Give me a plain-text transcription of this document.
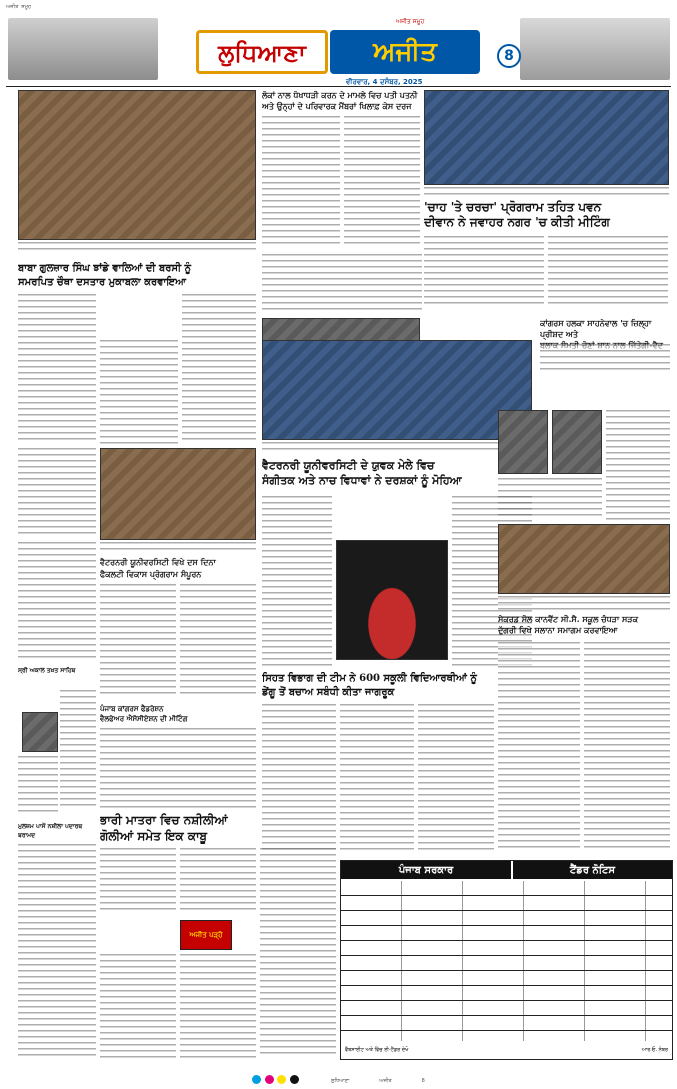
ਅਜੀਤ ਸਮੂਹ
ਲੁਧਿਆਣਾ	ਅਜੀਤ
ਅਜੀਤ ਸਮੂਹ
ਵੀਰਵਾਰ, 4 ਦਸੰਬਰ, 2025
8
ਲੋਕਾਂ ਨਾਲ ਧੋਖਾਧੜੀ ਕਰਨ ਦੇ ਮਾਮਲੇ ਵਿਚ ਪਤੀ ਪਤਨੀ
ਅਤੇ ਉਨ੍ਹਾਂ ਦੇ ਪਰਿਵਾਰਕ ਮੈਂਬਰਾਂ ਖਿਲਾਫ਼ ਕੇਸ ਦਰਜ
'ਚਾਹ 'ਤੇ ਚਰਚਾ' ਪ੍ਰੋਗਰਾਮ ਤਹਿਤ ਪਵਨ
ਦੀਵਾਨ ਨੇ ਜਵਾਹਰ ਨਗਰ 'ਚ ਕੀਤੀ ਮੀਟਿੰਗ
ਬਾਬਾ ਗੁਲਜ਼ਾਰ ਸਿੰਘ ਝਾਂਡੇ ਵਾਲਿਆਂ ਦੀ ਬਰਸੀ ਨੂੰ
ਸਮਰਪਿਤ ਚੌਥਾ ਦਸਤਾਰ ਮੁਕਾਬਲਾ ਕਰਵਾਇਆ
ਵੈਟਰਨਰੀ ਯੂਨੀਵਰਸਿਟੀ ਦੇ ਯੁਵਕ ਮੇਲੇ ਵਿਚ
ਸੰਗੀਤਕ ਅਤੇ ਨਾਚ ਵਿਧਾਵਾਂ ਨੇ ਦਰਸ਼ਕਾਂ ਨੂੰ ਮੋਹਿਆ
ਵੈਟਰਨਰੀ ਯੂਨੀਵਰਸਿਟੀ ਵਿਖੇ ਦਸ ਦਿਨਾ
ਫੈਕਲਟੀ ਵਿਕਾਸ ਪ੍ਰੋਗਰਾਮ ਸੰਪੂਰਨ
ਸ੍ਰੀ ਅਕਾਲ ਤਖ਼ਤ ਸਾਹਿਬ
ਕਾਂਗਰਸ ਹਲਕਾ ਸਾਹਨੇਵਾਲ 'ਚ ਜ਼ਿਲ੍ਹਾ ਪ੍ਰੀਸ਼ਦ ਅਤੇ
ਸੇਕਰਡ ਸੋਲ ਕਾਨਵੈਂਟ ਸੀ.ਸੈ. ਸਕੂਲ ਚੰਧੜਾ ਸੜਕ
ਦੁੱਗਰੀ ਵਿਖੇ ਸਲਾਨਾ ਸਮਾਗਮ ਕਰਵਾਇਆ
ਸਿਹਤ ਵਿਭਾਗ ਦੀ ਟੀਮ ਨੇ 600 ਸਕੂਲੀ ਵਿਦਿਆਰਥੀਆਂ ਨੂੰ
ਡੇਂਗੂ ਤੋਂ ਬਚਾਅ ਸਬੰਧੀ ਕੀਤਾ ਜਾਗਰੂਕ
ਪੰਜਾਬ ਕਾਂਗਰਸ ਫੈਡਰੇਸ਼ਨ
ਵੈਲਫੇਅਰ ਐਸੋਸੀਏਸ਼ਨ ਦੀ ਮੀਟਿੰਗ
ਭਾਰੀ ਮਾਤਰਾ ਵਿਚ ਨਸ਼ੀਲੀਆਂ
ਗੋਲੀਆਂ ਸਮੇਤ ਇਕ ਕਾਬੂ
ਅਜੀਤ ਪੜ੍ਹੋ
ਮੁਲਜ਼ਮ ਪਾਸੋਂ ਨਸ਼ੀਲਾ ਪਦਾਰਥ ਬਰਾਮਦ
ਪੰਜਾਬ ਸਰਕਾਰ	ਟੈਂਡਰ ਨੋਟਿਸ
ਵੈੱਬਸਾਈਟ ਅਤੇ ਵਿੱਚ ਈ-ਟੈਂਡਰ ਦੇਖੋ	ਆਰ.ਓ. ਨੰਬਰ

ਲੁਧਿਆਣਾ	ਅਜੀਤ	8
